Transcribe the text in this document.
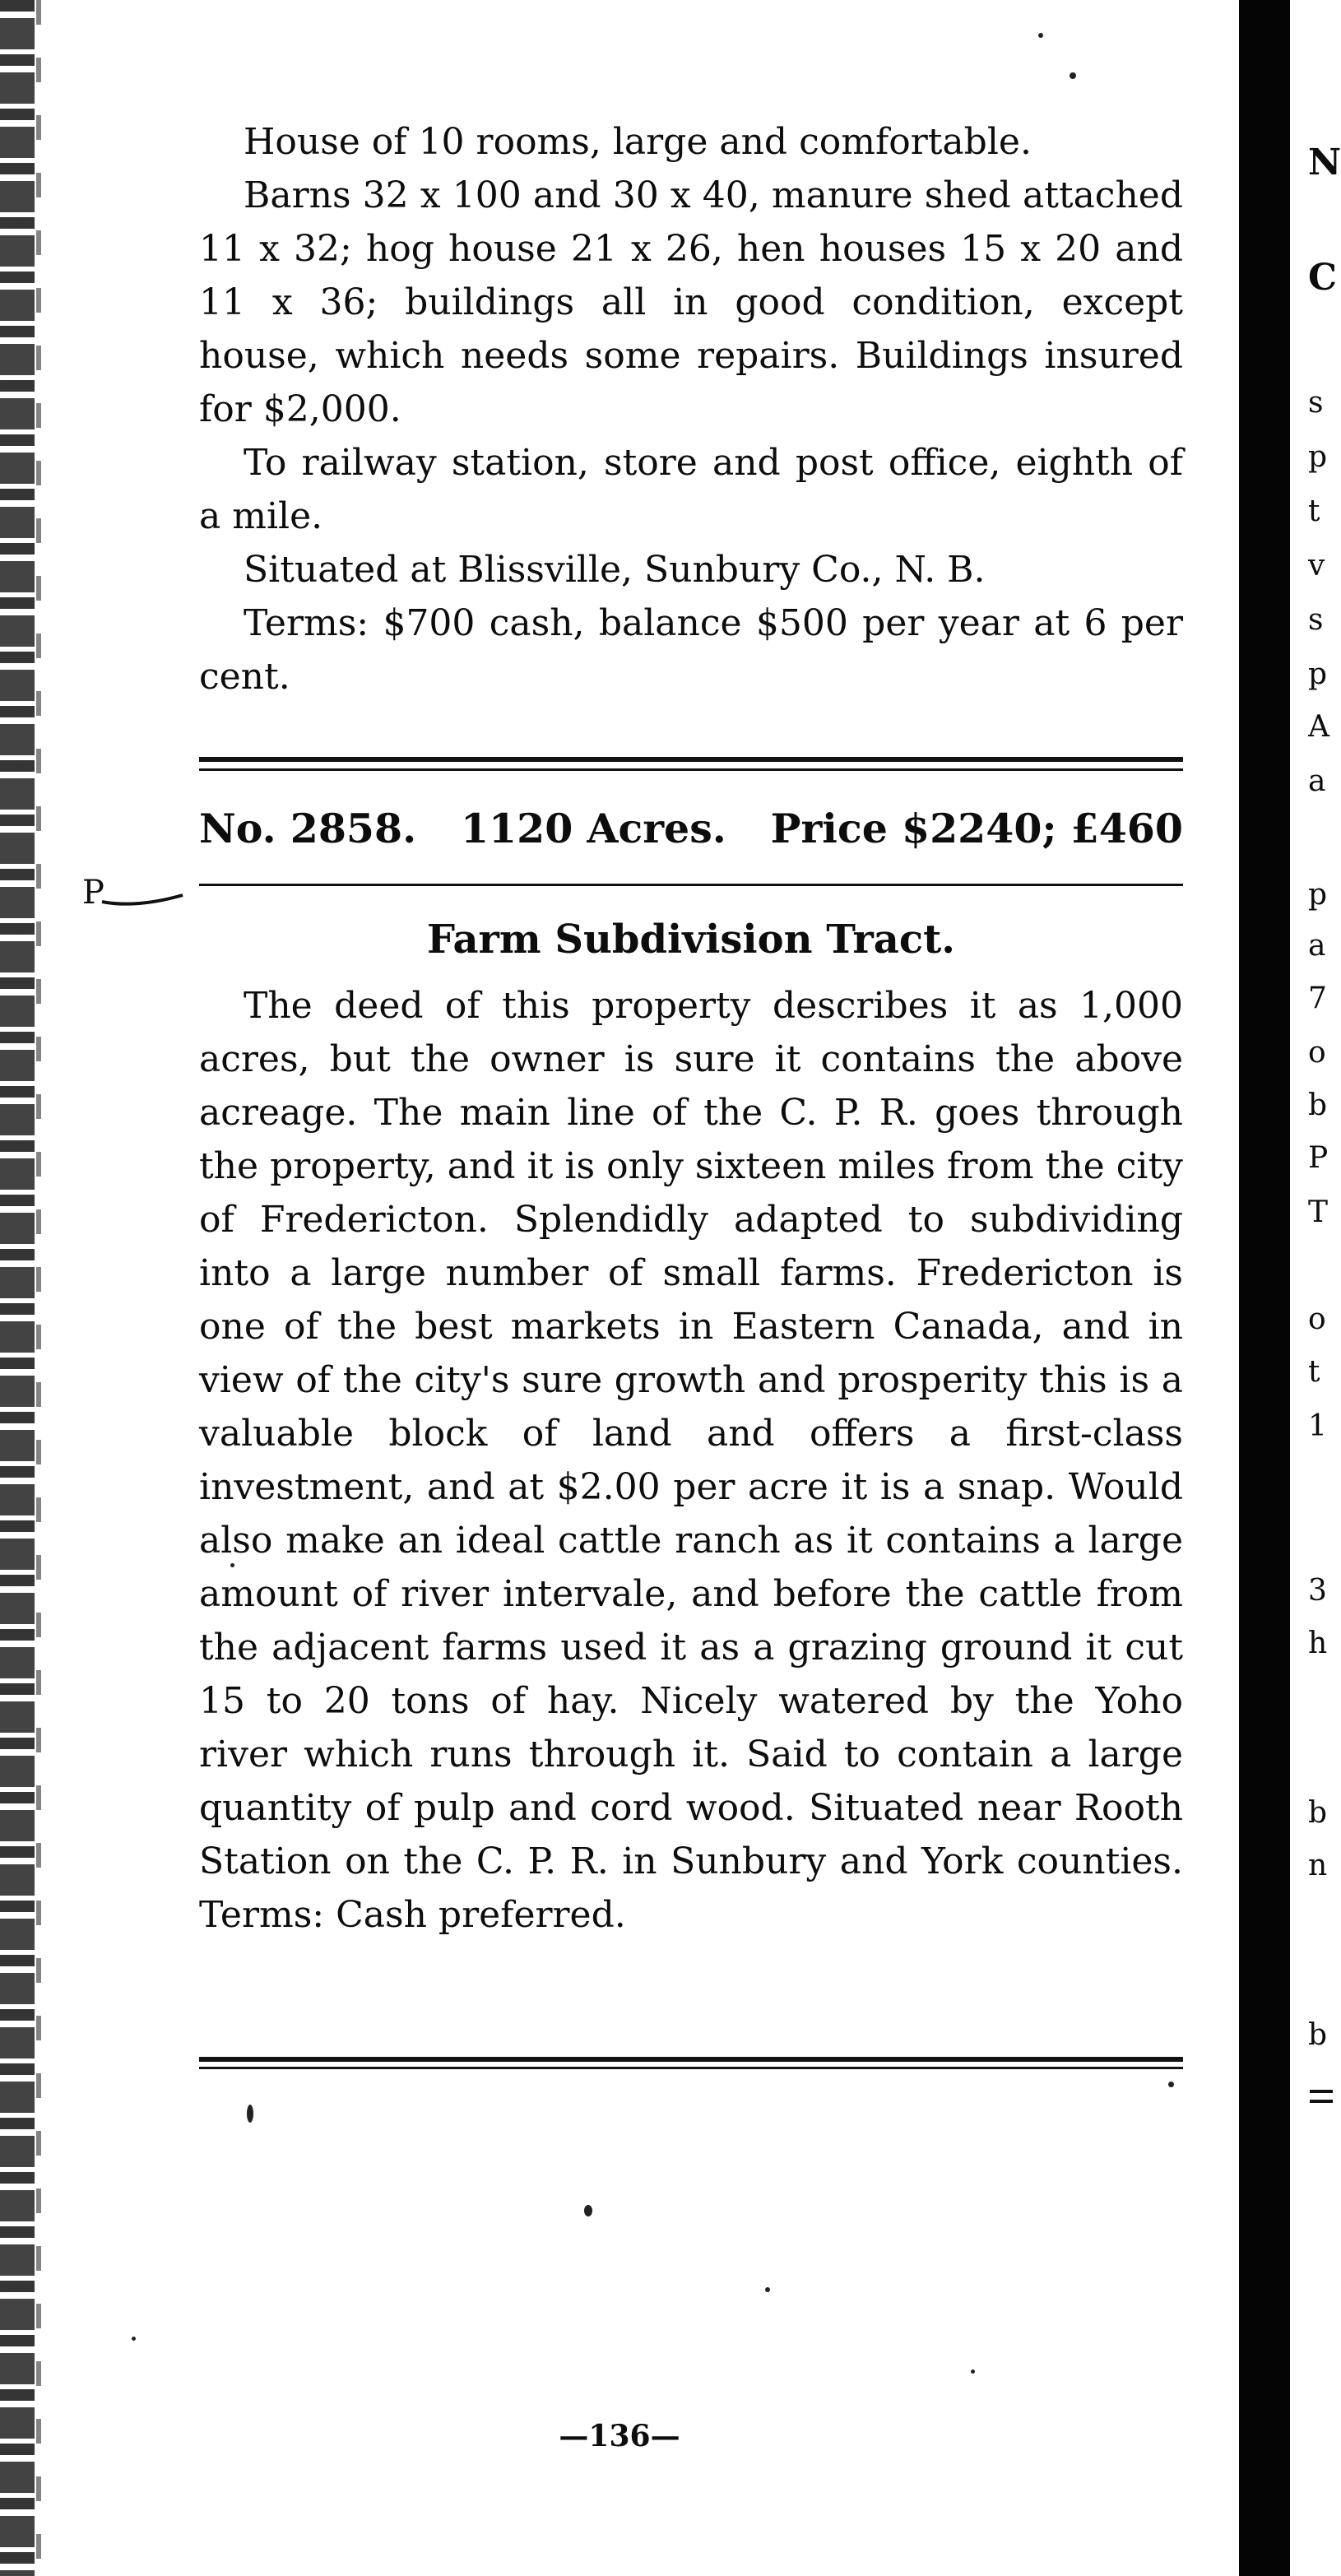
House of 10 rooms, large and comfortable.

Barns 32 x 100 and 30 x 40, manure shed attached 11 x 32; hog house 21 x 26, hen houses 15 x 20 and 11 x 36; buildings all in good condition, except house, which needs some repairs. Buildings insured for $2,000.

To railway station, store and post office, eighth of a mile.

Situated at Blissville, Sunbury Co., N. B.

Terms: $700 cash, balance $500 per year at 6 per cent.

No. 2858. 1120 Acres. Price $2240; £460
P
Farm Subdivision Tract.

The deed of this property describes it as 1,000 acres, but the owner is sure it contains the above acreage. The main line of the C. P. R. goes through the property, and it is only sixteen miles from the city of Fredericton. Splendidly adapted to subdividing into a large number of small farms. Fredericton is one of the best markets in Eastern Canada, and in view of the city's sure growth and prosperity this is a valuable block of land and offers a first-class investment, and at $2.00 per acre it is a snap. Would also make an ideal cattle ranch as it contains a large amount of river intervale, and before the cattle from the adjacent farms used it as a grazing ground it cut 15 to 20 tons of hay. Nicely watered by the Yoho river which runs through it. Said to contain a large quantity of pulp and cord wood. Situated near Rooth Station on the C. P. R. in Sunbury and York counties. Terms: Cash preferred.

—136—
N
C
s
p
t
v
s
p
A
a
p
a
7
o
b
P
T
o
t
1
3
h
b
n
b
